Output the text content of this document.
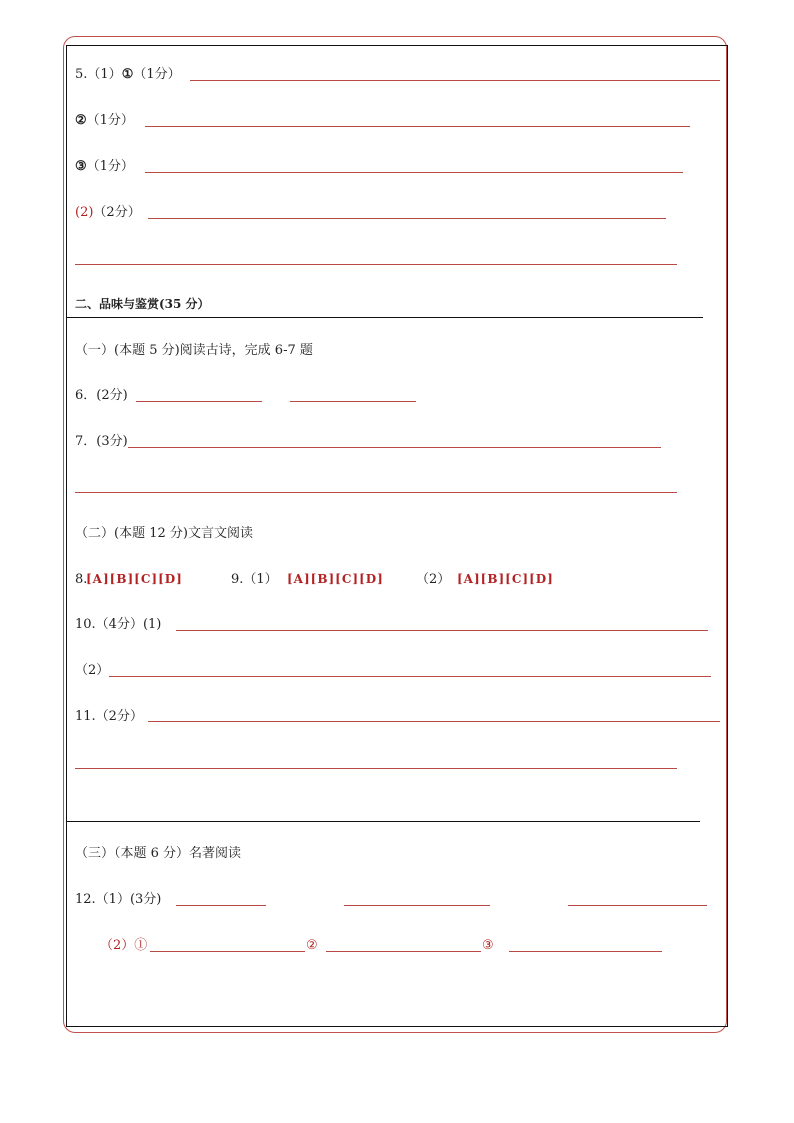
5.（1）①（1分）
②（1分）
③（1分）
(2)（2分）
二、品味与鉴赏(35 分）
（一）(本题 5 分)阅读古诗，完成 6-7 题
6．(2分)
7．(3分)
（二）(本题 12 分)文言文阅读
8.
[A][B][C][D]	9.（1） [A][B][C][D] （2） [A][B][C][D]
10.（4分）(1)
（2）
11.（2分）
（三）（本题 6 分）名著阅读
12.（1）(3分)
（2）①	②	③
